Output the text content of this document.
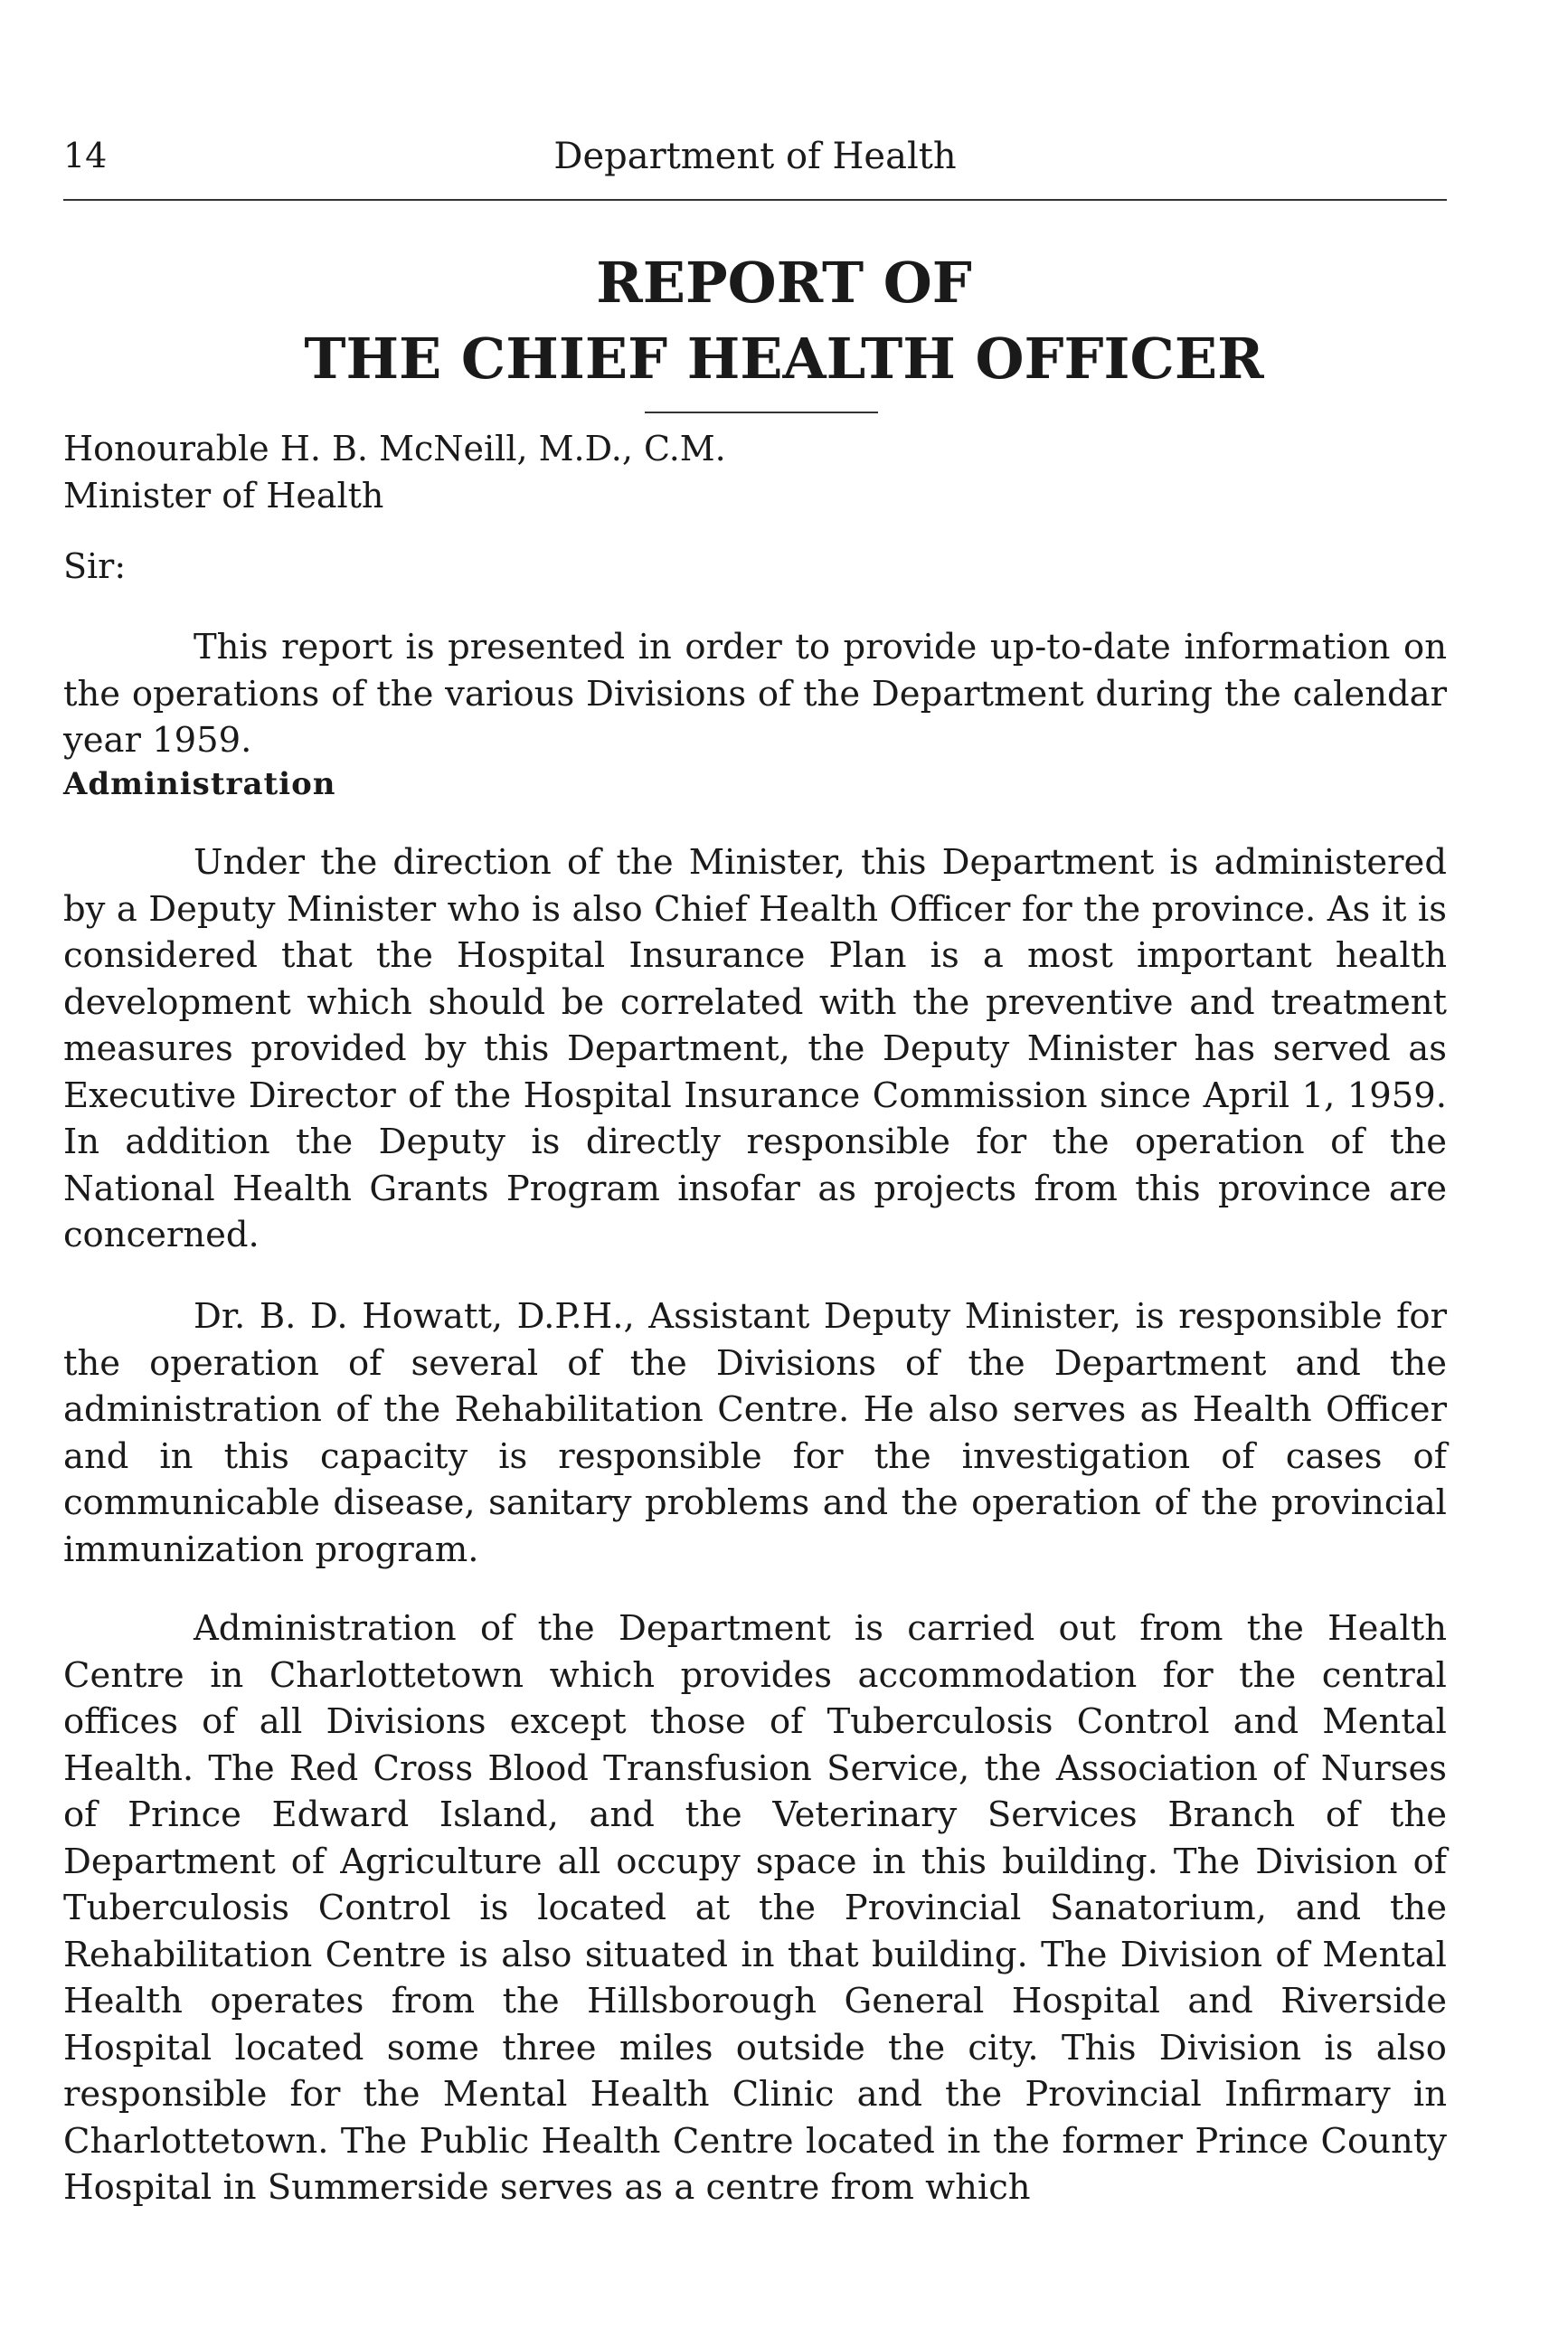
14	Department of Health
REPORT OF
THE CHIEF HEALTH OFFICER
Honourable H. B. McNeill, M.D., C.M.
Minister of Health
Sir:

This report is presented in order to provide up-to-date information on the operations of the various Divisions of the Department during the calendar year 1959.

Administration

Under the direction of the Minister, this Department is administered by a Deputy Minister who is also Chief Health Officer for the province. As it is considered that the Hospital Insurance Plan is a most important health development which should be correlated with the preventive and treatment measures provided by this Department, the Deputy Minister has served as Executive Director of the Hospital Insurance Commission since April 1, 1959. In addition the Deputy is directly responsible for the operation of the National Health Grants Program insofar as projects from this province are concerned.

Dr. B. D. Howatt, D.P.H., Assistant Deputy Minister, is responsible for the operation of several of the Divisions of the Department and the administration of the Rehabilitation Centre. He also serves as Health Officer and in this capacity is responsible for the investigation of cases of communicable disease, sanitary problems and the operation of the provincial immunization program.

Administration of the Department is carried out from the Health Centre in Charlottetown which provides accommodation for the central offices of all Divisions except those of Tuberculosis Control and Mental Health. The Red Cross Blood Transfusion Service, the Association of Nurses of Prince Edward Island, and the Veterinary Services Branch of the Department of Agriculture all occupy space in this building. The Division of Tuberculosis Control is located at the Provincial Sanatorium, and the Rehabilitation Centre is also situated in that building. The Division of Mental Health operates from the Hillsborough General Hospital and Riverside Hospital located some three miles outside the city. This Division is also responsible for the Mental Health Clinic and the Provincial Infirmary in Charlottetown. The Public Health Centre located in the former Prince County Hospital in Summerside serves as a centre from which
